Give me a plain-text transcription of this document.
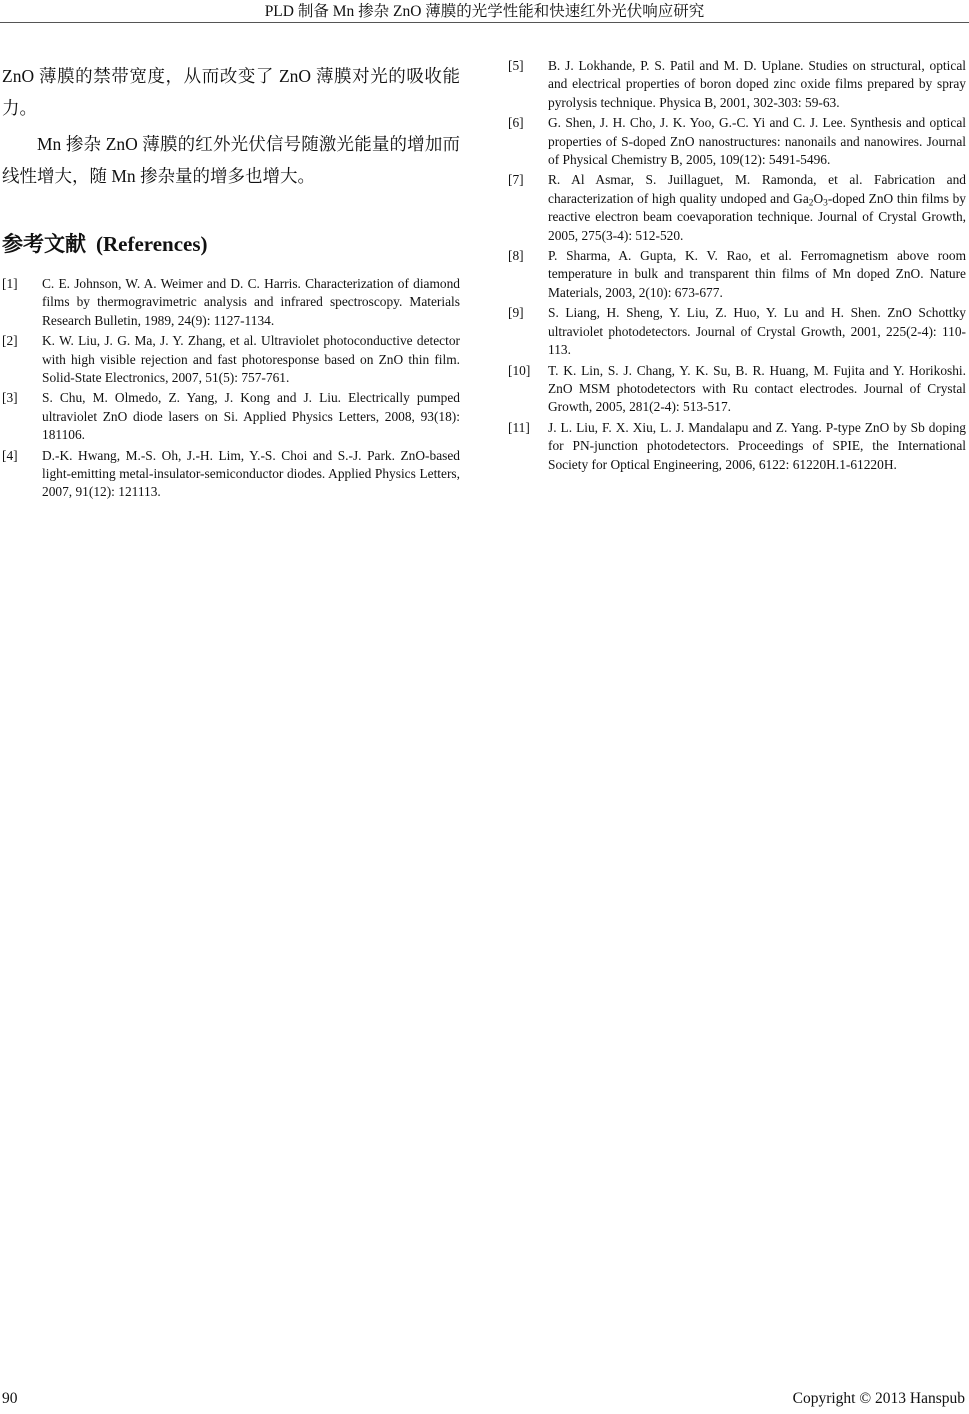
PLD 制备 Mn 掺杂 ZnO 薄膜的光学性能和快速红外光伏响应研究

ZnO 薄膜的禁带宽度，从而改变了 ZnO 薄膜对光的吸收能力。

Mn 掺杂 ZnO 薄膜的红外光伏信号随激光能量的增加而线性增大，随 Mn 掺杂量的增多也增大。

参考文献 (References)
[1]	C. E. Johnson, W. A. Weimer and D. C. Harris. Characterization of diamond films by thermogravimetric analysis and infrared spectroscopy. Materials Research Bulletin, 1989, 24(9): 1127-1134.
[2]	K. W. Liu, J. G. Ma, J. Y. Zhang, et al. Ultraviolet photoconductive detector with high visible rejection and fast photoresponse based on ZnO thin film. Solid-State Electronics, 2007, 51(5): 757-761.
[3]	S. Chu, M. Olmedo, Z. Yang, J. Kong and J. Liu. Electrically pumped ultraviolet ZnO diode lasers on Si. Applied Physics Letters, 2008, 93(18): 181106.
[4]	D.-K. Hwang, M.-S. Oh, J.-H. Lim, Y.-S. Choi and S.-J. Park. ZnO-based light-emitting metal-insulator-semiconductor diodes. Applied Physics Letters, 2007, 91(12): 121113.
[5]	B. J. Lokhande, P. S. Patil and M. D. Uplane. Studies on structural, optical and electrical properties of boron doped zinc oxide films prepared by spray pyrolysis technique. Physica B, 2001, 302-303: 59-63.
[6]	G. Shen, J. H. Cho, J. K. Yoo, G.-C. Yi and C. J. Lee. Synthesis and optical properties of S-doped ZnO nanostructures: nanonails and nanowires. Journal of Physical Chemistry B, 2005, 109(12): 5491-5496.
[7]	R. Al Asmar, S. Juillaguet, M. Ramonda, et al. Fabrication and characterization of high quality undoped and $Ga_2O_3$-doped ZnO thin films by reactive electron beam coevaporation technique. Journal of Crystal Growth, 2005, 275(3-4): 512-520.
[8]	P. Sharma, A. Gupta, K. V. Rao, et al. Ferromagnetism above room temperature in bulk and transparent thin films of Mn doped ZnO. Nature Materials, 2003, 2(10): 673-677.
[9]	S. Liang, H. Sheng, Y. Liu, Z. Huo, Y. Lu and H. Shen. ZnO Schottky ultraviolet photodetectors. Journal of Crystal Growth, 2001, 225(2-4): 110-113.
[10]	T. K. Lin, S. J. Chang, Y. K. Su, B. R. Huang, M. Fujita and Y. Horikoshi. ZnO MSM photodetectors with Ru contact electrodes. Journal of Crystal Growth, 2005, 281(2-4): 513-517.
[11]	J. L. Liu, F. X. Xiu, L. J. Mandalapu and Z. Yang. P-type ZnO by Sb doping for PN-junction photodetectors. Proceedings of SPIE, the International Society for Optical Engineering, 2006, 6122: 61220H.1-61220H.
90	Copyright © 2013 Hanspub
